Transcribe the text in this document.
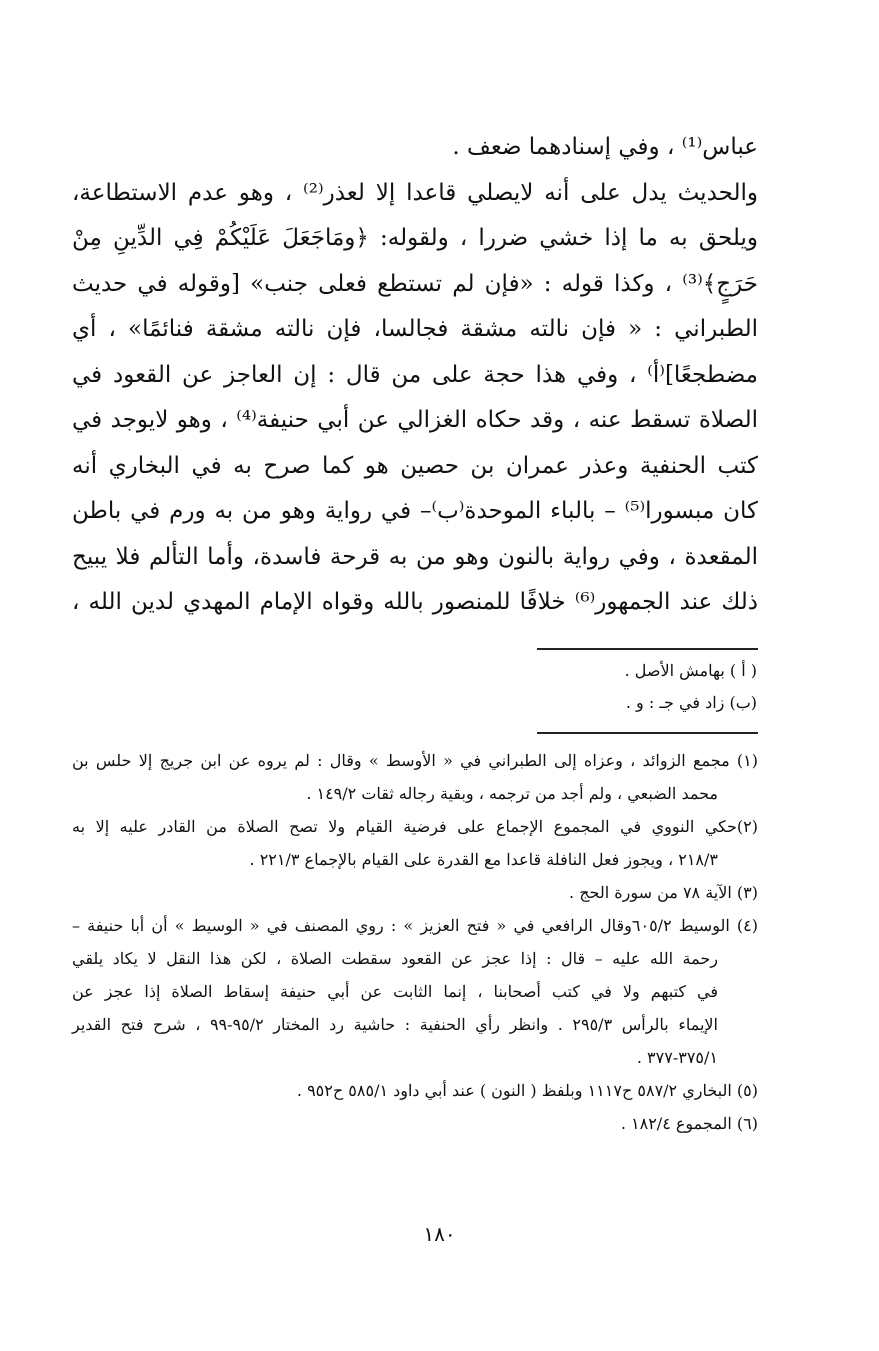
عباس⁽¹⁾ ، وفي إسنادهما ضعف .
والحديث يدل على أنه لايصلي قاعدا إلا لعذر⁽²⁾ ، وهو عدم الاستطاعة،
ويلحق به ما إذا خشي ضررا ، ولقوله: ﴿ومَاجَعَلَ عَلَيْكُمْ فِي الدِّينِ مِنْ
حَرَجٍ﴾⁽³⁾ ، وكذا قوله : «فإن لم تستطع فعلى جنب» [وقوله في حديث
الطبراني : « فإن نالته مشقة فجالسا، فإن نالته مشقة فنائمًا» ، أي
مضطجعًا]⁽أ⁾ ، وفي هذا حجة على من قال : إن العاجز عن القعود في
الصلاة تسقط عنه ، وقد حكاه الغزالي عن أبي حنيفة⁽⁴⁾ ، وهو لايوجد في
كتب الحنفية وعذر عمران بن حصين هو كما صرح به في البخاري أنه
كان مبسورا⁽⁵⁾ – بالباء الموحدة⁽ب⁾– في رواية وهو من به ورم في باطن
المقعدة ، وفي رواية بالنون وهو من به قرحة فاسدة، وأما التألم فلا يبيح
ذلك عند الجمهور⁽⁶⁾ خلافًا للمنصور بالله وقواه الإمام المهدي لدين الله ،
( أ ) بهامش الأصل .
(ب) زاد في جـ : و .
(١) مجمع الزوائد ، وعزاه إلى الطبراني في « الأوسط » وقال : لم يروه عن ابن جريج إلا حلس بن
محمد الضبعي ، ولم أجد من ترجمه ، وبقية رجاله ثقات ١٤٩/٢ .
(٢)حكي النووي في المجموع الإجماع على فرضية القيام ولا تصح الصلاة من القادر عليه إلا به
٢١٨/٣ ، ويجوز فعل النافلة قاعدا مع القدرة على القيام بالإجماع ٢٢١/٣ .
(٣) الآية ٧٨ من سورة الحج .
(٤) الوسيط ٦٠٥/٢وقال الرافعي في « فتح العزيز » : روي المصنف في « الوسيط » أن أبا حنيفة –
رحمة الله عليه – قال : إذا عجز عن القعود سقطت الصلاة ، لكن هذا النقل لا يكاد يلقي
في كتبهم ولا في كتب أصحابنا ، إنما الثابت عن أبي حنيفة إسقاط الصلاة إذا عجز عن
الإيماء بالرأس ٢٩٥/٣ . وانظر رأي الحنفية : حاشية رد المختار ٩٥/٢-٩٩ ، شرح فتح القدير
٣٧٥/١-٣٧٧ .
(٥) البخاري ٥٨٧/٢ ح١١١٧ وبلفظ ( النون ) عند أبي داود ٥٨٥/١ ح٩٥٢ .
(٦) المجموع ١٨٢/٤ .
١٨٠
